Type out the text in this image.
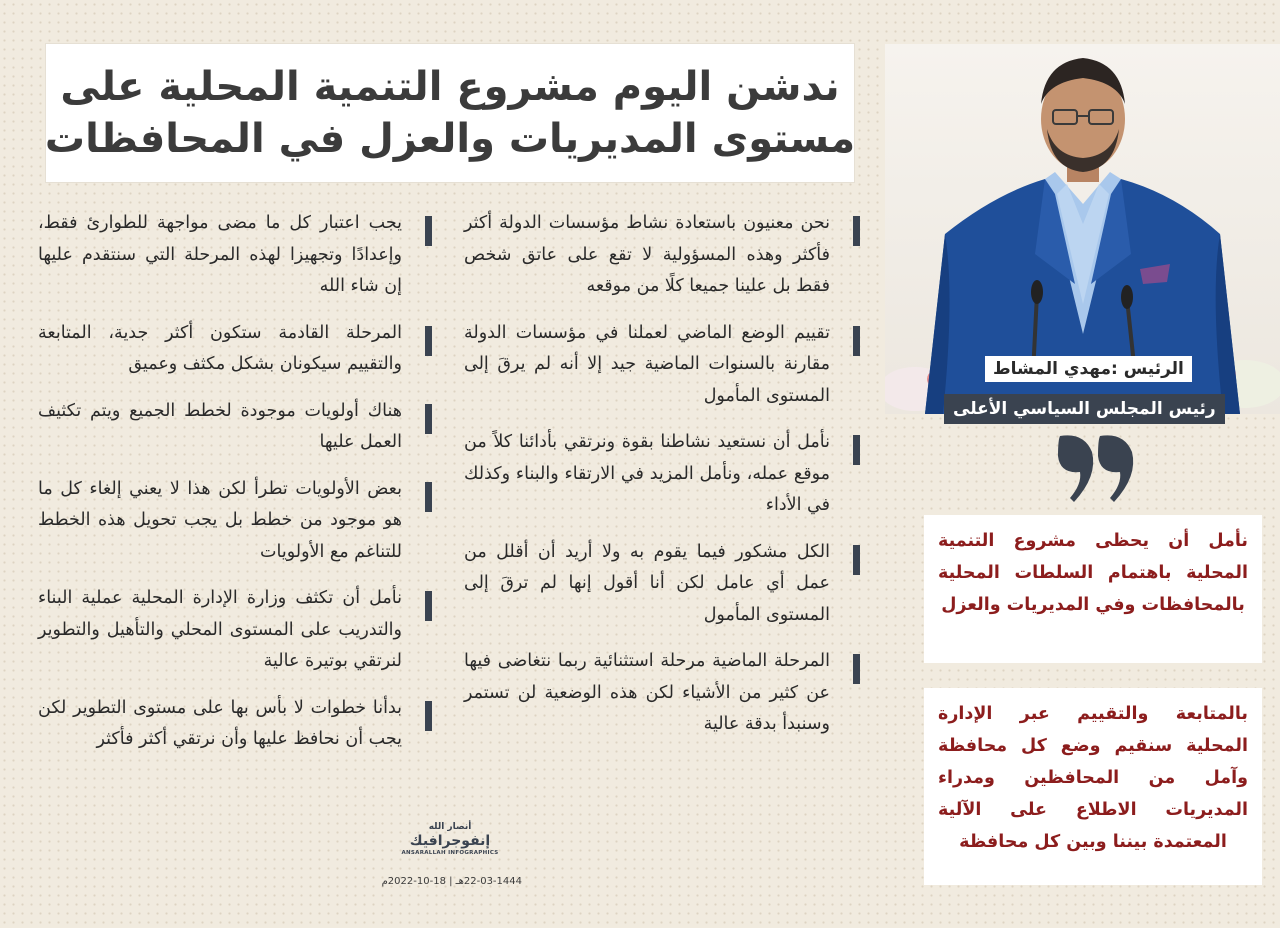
ندشن اليوم مشروع التنمية المحلية على
مستوى المديريات والعزل في المحافظات
نحن معنيون باستعادة نشاط مؤسسات الدولة أكثر فأكثر وهذه المسؤولية لا تقع على عاتق شخص فقط بل علينا جميعا كلًا من موقعه
تقييم الوضع الماضي لعملنا في مؤسسات الدولة مقارنة بالسنوات الماضية جيد إلا أنه لم يرقَ إلى المستوى المأمول
نأمل أن نستعيد نشاطنا بقوة ونرتقي بأدائنا كلاً من موقع عمله، ونأمل المزيد في الارتقاء والبناء وكذلك في الأداء
الكل مشكور فيما يقوم به ولا أريد أن أقلل من عمل أي عامل لكن أنا أقول إنها لم ترقَ إلى المستوى المأمول
المرحلة الماضية مرحلة استثنائية ربما نتغاضى فيها عن كثير من الأشياء لكن هذه الوضعية لن تستمر وسنبدأ بدقة عالية
يجب اعتبار كل ما مضى مواجهة للطوارئ فقط، وإعدادًا وتجهيزا لهذه المرحلة التي سنتقدم عليها إن شاء الله
المرحلة القادمة ستكون أكثر جدية، المتابعة والتقييم سيكونان بشكل مكثف وعميق
هناك أولويات موجودة لخطط الجميع ويتم تكثيف العمل عليها
بعض الأولويات تطرأ لكن هذا لا يعني إلغاء كل ما هو موجود من خطط بل يجب تحويل هذه الخطط للتناغم مع الأولويات
نأمل أن تكثف وزارة الإدارة المحلية عملية البناء والتدريب على المستوى المحلي والتأهيل والتطوير لنرتقي بوتيرة عالية
بدأنا خطوات لا بأس بها على مستوى التطوير لكن يجب أن نحافظ عليها وأن نرتقي أكثر فأكثر
الرئيس :مهدي المشاط
رئيس المجلس السياسي الأعلى
نأمل أن يحظى مشروع التنمية المحلية باهتمام السلطات المحلية بالمحافظات وفي المديريات والعزل
بالمتابعة والتقييم عبر الإدارة المحلية سنقيم وضع كل محافظة وآمل من المحافظين ومدراء المديريات الاطلاع على الآلية المعتمدة بيننا وبين كل محافظة
أنصار الله
إنفوجرافيك
ANSARALLAH INFOGRAPHICS
22-03-1444هـ | 18-10-2022م
